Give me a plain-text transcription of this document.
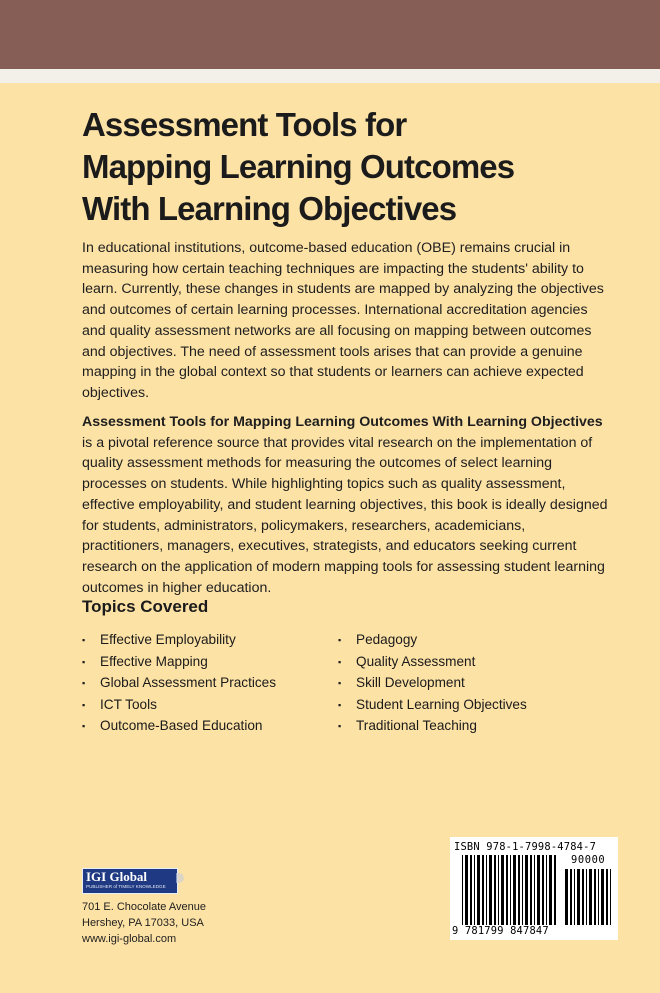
Assessment Tools for
Mapping Learning Outcomes
With Learning Objectives

In educational institutions, outcome-based education (OBE) remains crucial in measuring how certain teaching techniques are impacting the students' ability to learn. Currently, these changes in students are mapped by analyzing the objectives and outcomes of certain learning processes. International accreditation agencies and quality assessment networks are all focusing on mapping between outcomes and objectives. The need of assessment tools arises that can provide a genuine mapping in the global context so that students or learners can achieve expected objectives.

Assessment Tools for Mapping Learning Outcomes With Learning Objectives
is a pivotal reference source that provides vital research on the implementation of quality assessment methods for measuring the outcomes of select learning processes on students. While highlighting topics such as quality assessment, effective employability, and student learning objectives, this book is ideally designed for students, administrators, policymakers, researchers, academicians, practitioners, managers, executives, strategists, and educators seeking current research on the application of modern mapping tools for assessing student learning outcomes in higher education.

Topics Covered
▪ Effective Employability
▪ Effective Mapping
▪ Global Assessment Practices
▪ ICT Tools
▪ Outcome-Based Education
▪ Pedagogy
▪ Quality Assessment
▪ Skill Development
▪ Student Learning Objectives
▪ Traditional Teaching
IGI Global
PUBLISHER of TIMELY KNOWLEDGE
701 E. Chocolate Avenue
Hershey, PA 17033, USA
www.igi-global.com
ISBN 978-1-7998-4784-7
90000
9 781799 847847
